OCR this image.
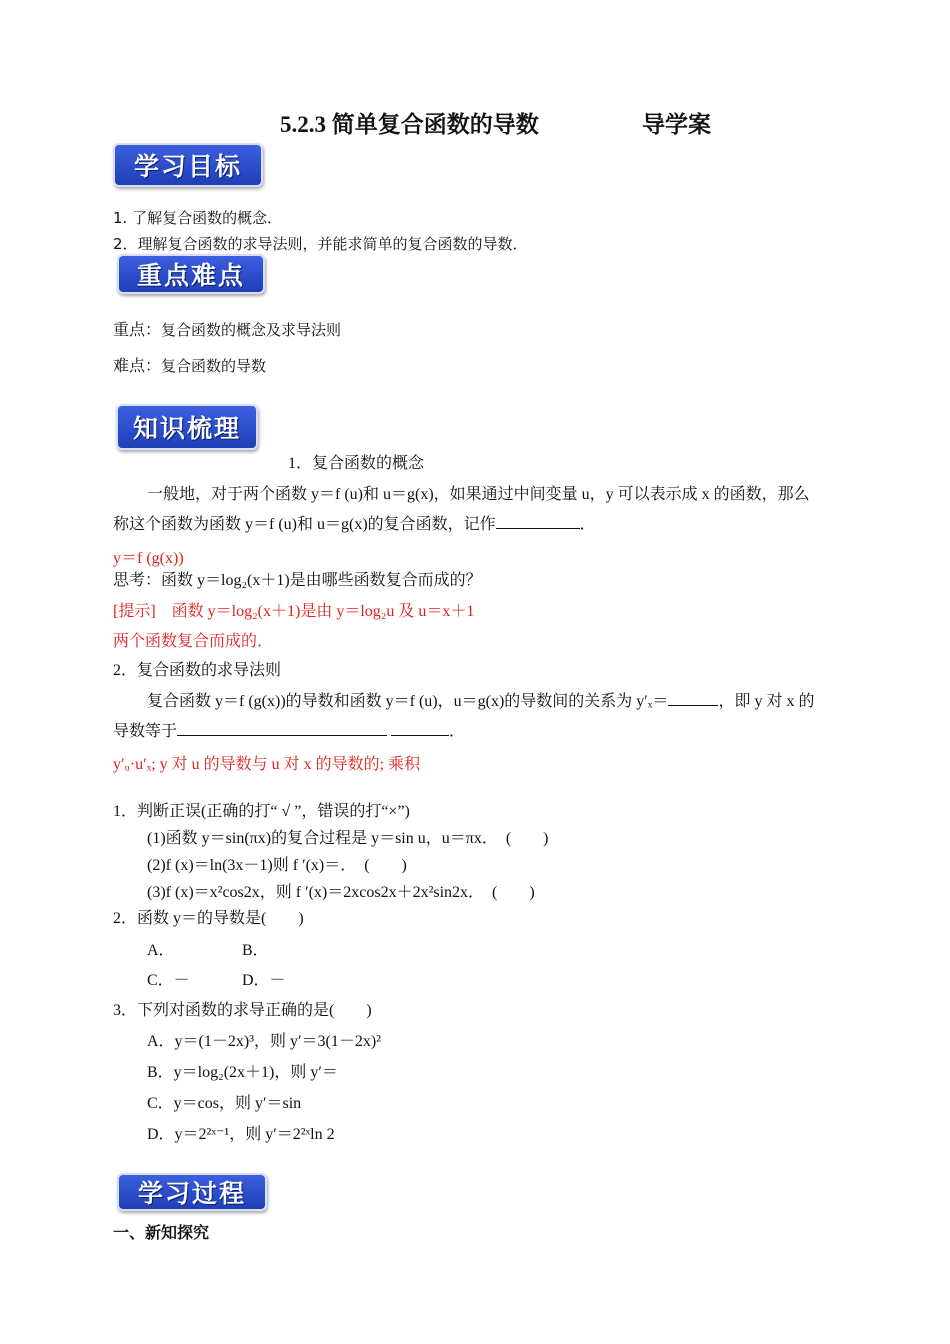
5.2.3 简单复合函数的导数	导学案
学习目标
1. 了解复合函数的概念．
2．理解复合函数的求导法则，并能求简单的复合函数的导数．
重点难点
重点：复合函数的概念及求导法则
难点：复合函数的导数
知识梳理
1．复合函数的概念
一般地，对于两个函数 y＝f (u)和 u＝g(x)，如果通过中间变量 u，y 可以表示成 x 的函数，那么
称这个函数为函数 y＝f (u)和 u＝g(x)的复合函数，记作	．
y＝f (g(x))
思考：函数 y＝log₂(x＋1)是由哪些函数复合而成的？
[提示]　函数 y＝log₂(x＋1)是由 y＝log₂u 及 u＝x＋1
两个函数复合而成的．
2．复合函数的求导法则
复合函数 y＝f (g(x))的导数和函数 y＝f (u)，u＝g(x)的导数间的关系为 y′ₓ＝	，即 y 对 x 的
导数等于	．
y′ᵤ·u′ₓ; y 对 u 的导数与 u 对 x 的导数的; 乘积
1．判断正误(正确的打“ √ ”，错误的打“×”)
(1)函数 y＝sin(πx)的复合过程是 y＝sin u，u＝πx．　(　　)
(2)f (x)＝ln(3x－1)则 f ′(x)＝．　(　　)
(3)f (x)＝x²cos2x，则 f ′(x)＝2xcos2x＋2x²sin2x．　(　　)
2．函数 y＝的导数是(　　)
A．	B．
C．－	D．－
3．下列对函数的求导正确的是(　　)
A．y＝(1－2x)³，则 y′＝3(1－2x)²
B．y＝log₂(2x＋1)，则 y′＝
C．y＝cos，则 y′＝sin
D．y＝2²ˣ⁻¹，则 y′＝2²ˣln 2
学习过程
一、新知探究
